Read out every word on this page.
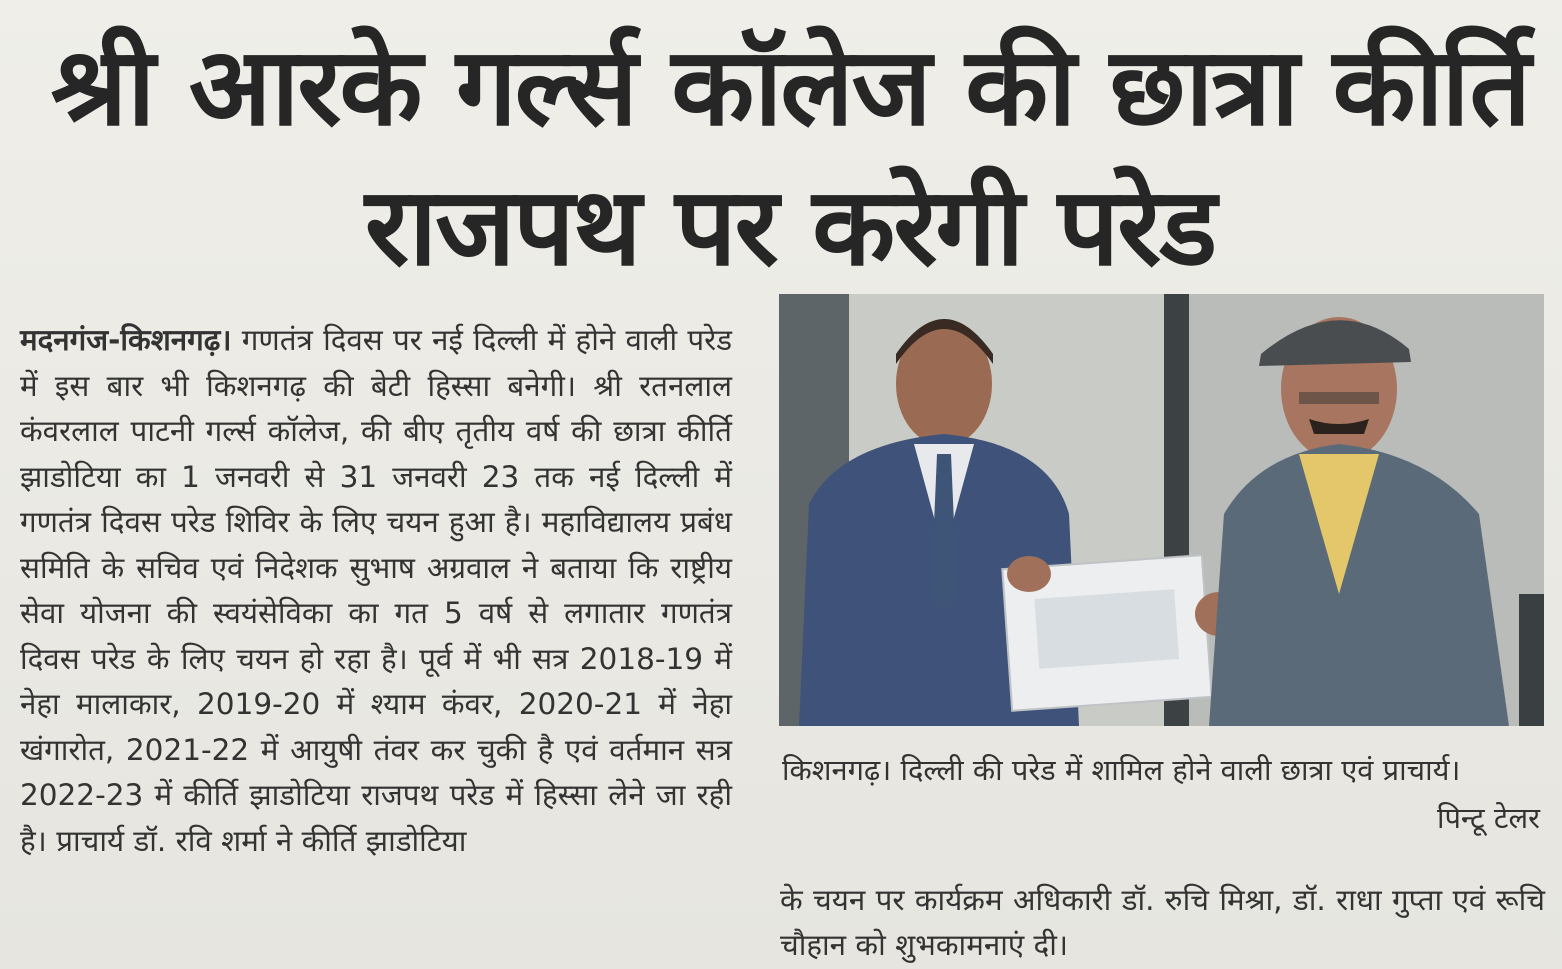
श्री आरके गर्ल्स कॉलेज की छात्रा कीर्ति राजपथ पर करेगी परेड

मदनगंज-किशनगढ़। गणतंत्र दिवस पर नई दिल्ली में होने वाली परेड में इस बार भी किशनगढ़ की बेटी हिस्सा बनेगी। श्री रतनलाल कंवरलाल पाटनी गर्ल्स कॉलेज, की बीए तृतीय वर्ष की छात्रा कीर्ति झाडोटिया का 1 जनवरी से 31 जनवरी 23 तक नई दिल्ली में गणतंत्र दिवस परेड शिविर के लिए चयन हुआ है। महाविद्यालय प्रबंध समिति के सचिव एवं निदेशक सुभाष अग्रवाल ने बताया कि राष्ट्रीय सेवा योजना की स्वयंसेविका का गत 5 वर्ष से लगातार गणतंत्र दिवस परेड के लिए चयन हो रहा है। पूर्व में भी सत्र 2018-19 में नेहा मालाकार, 2019-20 में श्याम कंवर, 2020-21 में नेहा खंगारोत, 2021-22 में आयुषी तंवर कर चुकी है एवं वर्तमान सत्र 2022-23 में कीर्ति झाडोटिया राजपथ परेड में हिस्सा लेने जा रही है। प्राचार्य डॉ. रवि शर्मा ने कीर्ति झाडोटिया

किशनगढ़। दिल्ली की परेड में शामिल होने वाली छात्रा एवं प्राचार्य।

पिन्टू टेलर

के चयन पर कार्यक्रम अधिकारी डॉ. रुचि मिश्रा, डॉ. राधा गुप्ता एवं रूचि चौहान को शुभकामनाएं दी।
